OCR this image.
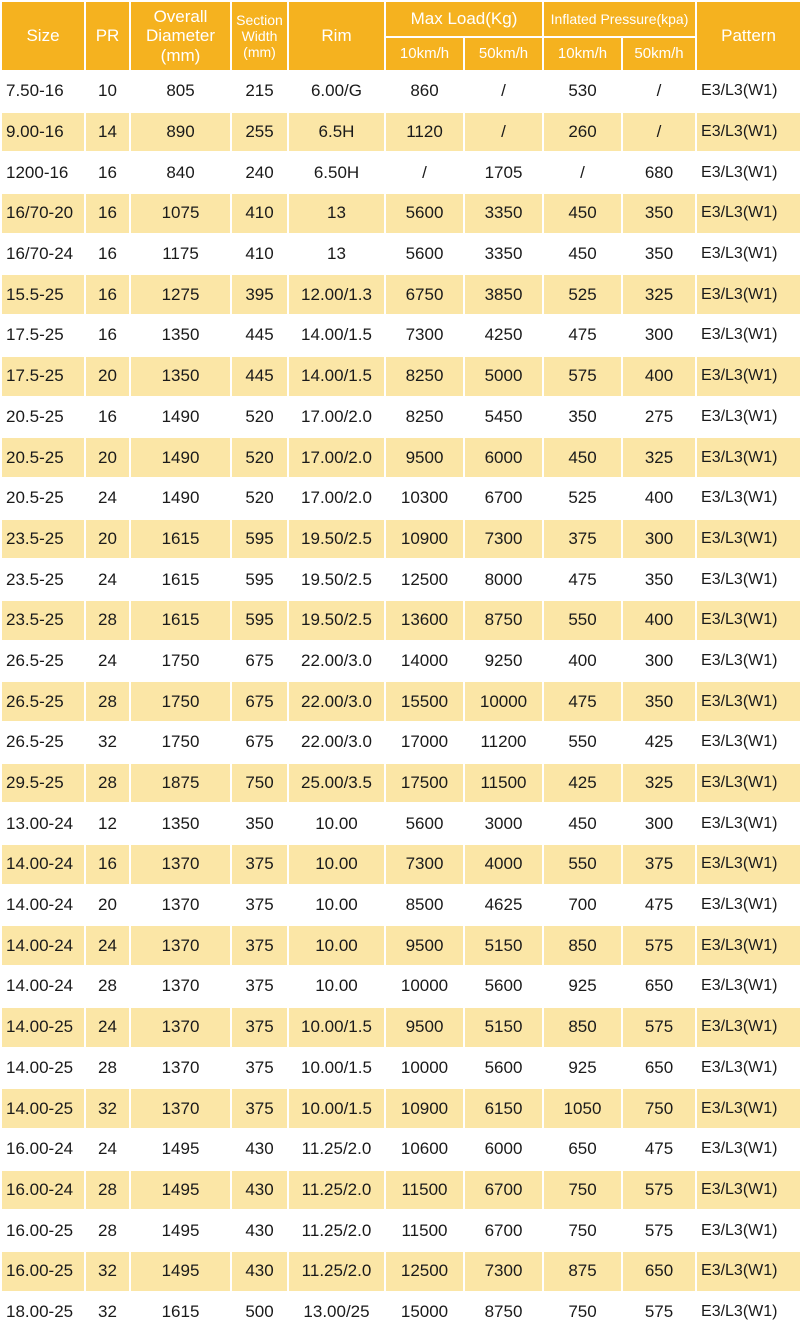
Size	PR	Overall
Diameter
(mm)	Section
Width
(mm)	Rim	Max Load(Kg)		Inflated Pressure(kpa)		Pattern
					10km/h	50km/h	10km/h	50km/h	
7.50-16	10	805	215	6.00/G	860	/	530	/	E3/L3(W1)
9.00-16	14	890	255	6.5H	1120	/	260	/	E3/L3(W1)
1200-16	16	840	240	6.50H	/	1705	/	680	E3/L3(W1)
16/70-20	16	1075	410	13	5600	3350	450	350	E3/L3(W1)
16/70-24	16	1175	410	13	5600	3350	450	350	E3/L3(W1)
15.5-25	16	1275	395	12.00/1.3	6750	3850	525	325	E3/L3(W1)
17.5-25	16	1350	445	14.00/1.5	7300	4250	475	300	E3/L3(W1)
17.5-25	20	1350	445	14.00/1.5	8250	5000	575	400	E3/L3(W1)
20.5-25	16	1490	520	17.00/2.0	8250	5450	350	275	E3/L3(W1)
20.5-25	20	1490	520	17.00/2.0	9500	6000	450	325	E3/L3(W1)
20.5-25	24	1490	520	17.00/2.0	10300	6700	525	400	E3/L3(W1)
23.5-25	20	1615	595	19.50/2.5	10900	7300	375	300	E3/L3(W1)
23.5-25	24	1615	595	19.50/2.5	12500	8000	475	350	E3/L3(W1)
23.5-25	28	1615	595	19.50/2.5	13600	8750	550	400	E3/L3(W1)
26.5-25	24	1750	675	22.00/3.0	14000	9250	400	300	E3/L3(W1)
26.5-25	28	1750	675	22.00/3.0	15500	10000	475	350	E3/L3(W1)
26.5-25	32	1750	675	22.00/3.0	17000	11200	550	425	E3/L3(W1)
29.5-25	28	1875	750	25.00/3.5	17500	11500	425	325	E3/L3(W1)
13.00-24	12	1350	350	10.00	5600	3000	450	300	E3/L3(W1)
14.00-24	16	1370	375	10.00	7300	4000	550	375	E3/L3(W1)
14.00-24	20	1370	375	10.00	8500	4625	700	475	E3/L3(W1)
14.00-24	24	1370	375	10.00	9500	5150	850	575	E3/L3(W1)
14.00-24	28	1370	375	10.00	10000	5600	925	650	E3/L3(W1)
14.00-25	24	1370	375	10.00/1.5	9500	5150	850	575	E3/L3(W1)
14.00-25	28	1370	375	10.00/1.5	10000	5600	925	650	E3/L3(W1)
14.00-25	32	1370	375	10.00/1.5	10900	6150	1050	750	E3/L3(W1)
16.00-24	24	1495	430	11.25/2.0	10600	6000	650	475	E3/L3(W1)
16.00-24	28	1495	430	11.25/2.0	11500	6700	750	575	E3/L3(W1)
16.00-25	28	1495	430	11.25/2.0	11500	6700	750	575	E3/L3(W1)
16.00-25	32	1495	430	11.25/2.0	12500	7300	875	650	E3/L3(W1)
18.00-25	32	1615	500	13.00/25	15000	8750	750	575	E3/L3(W1)
